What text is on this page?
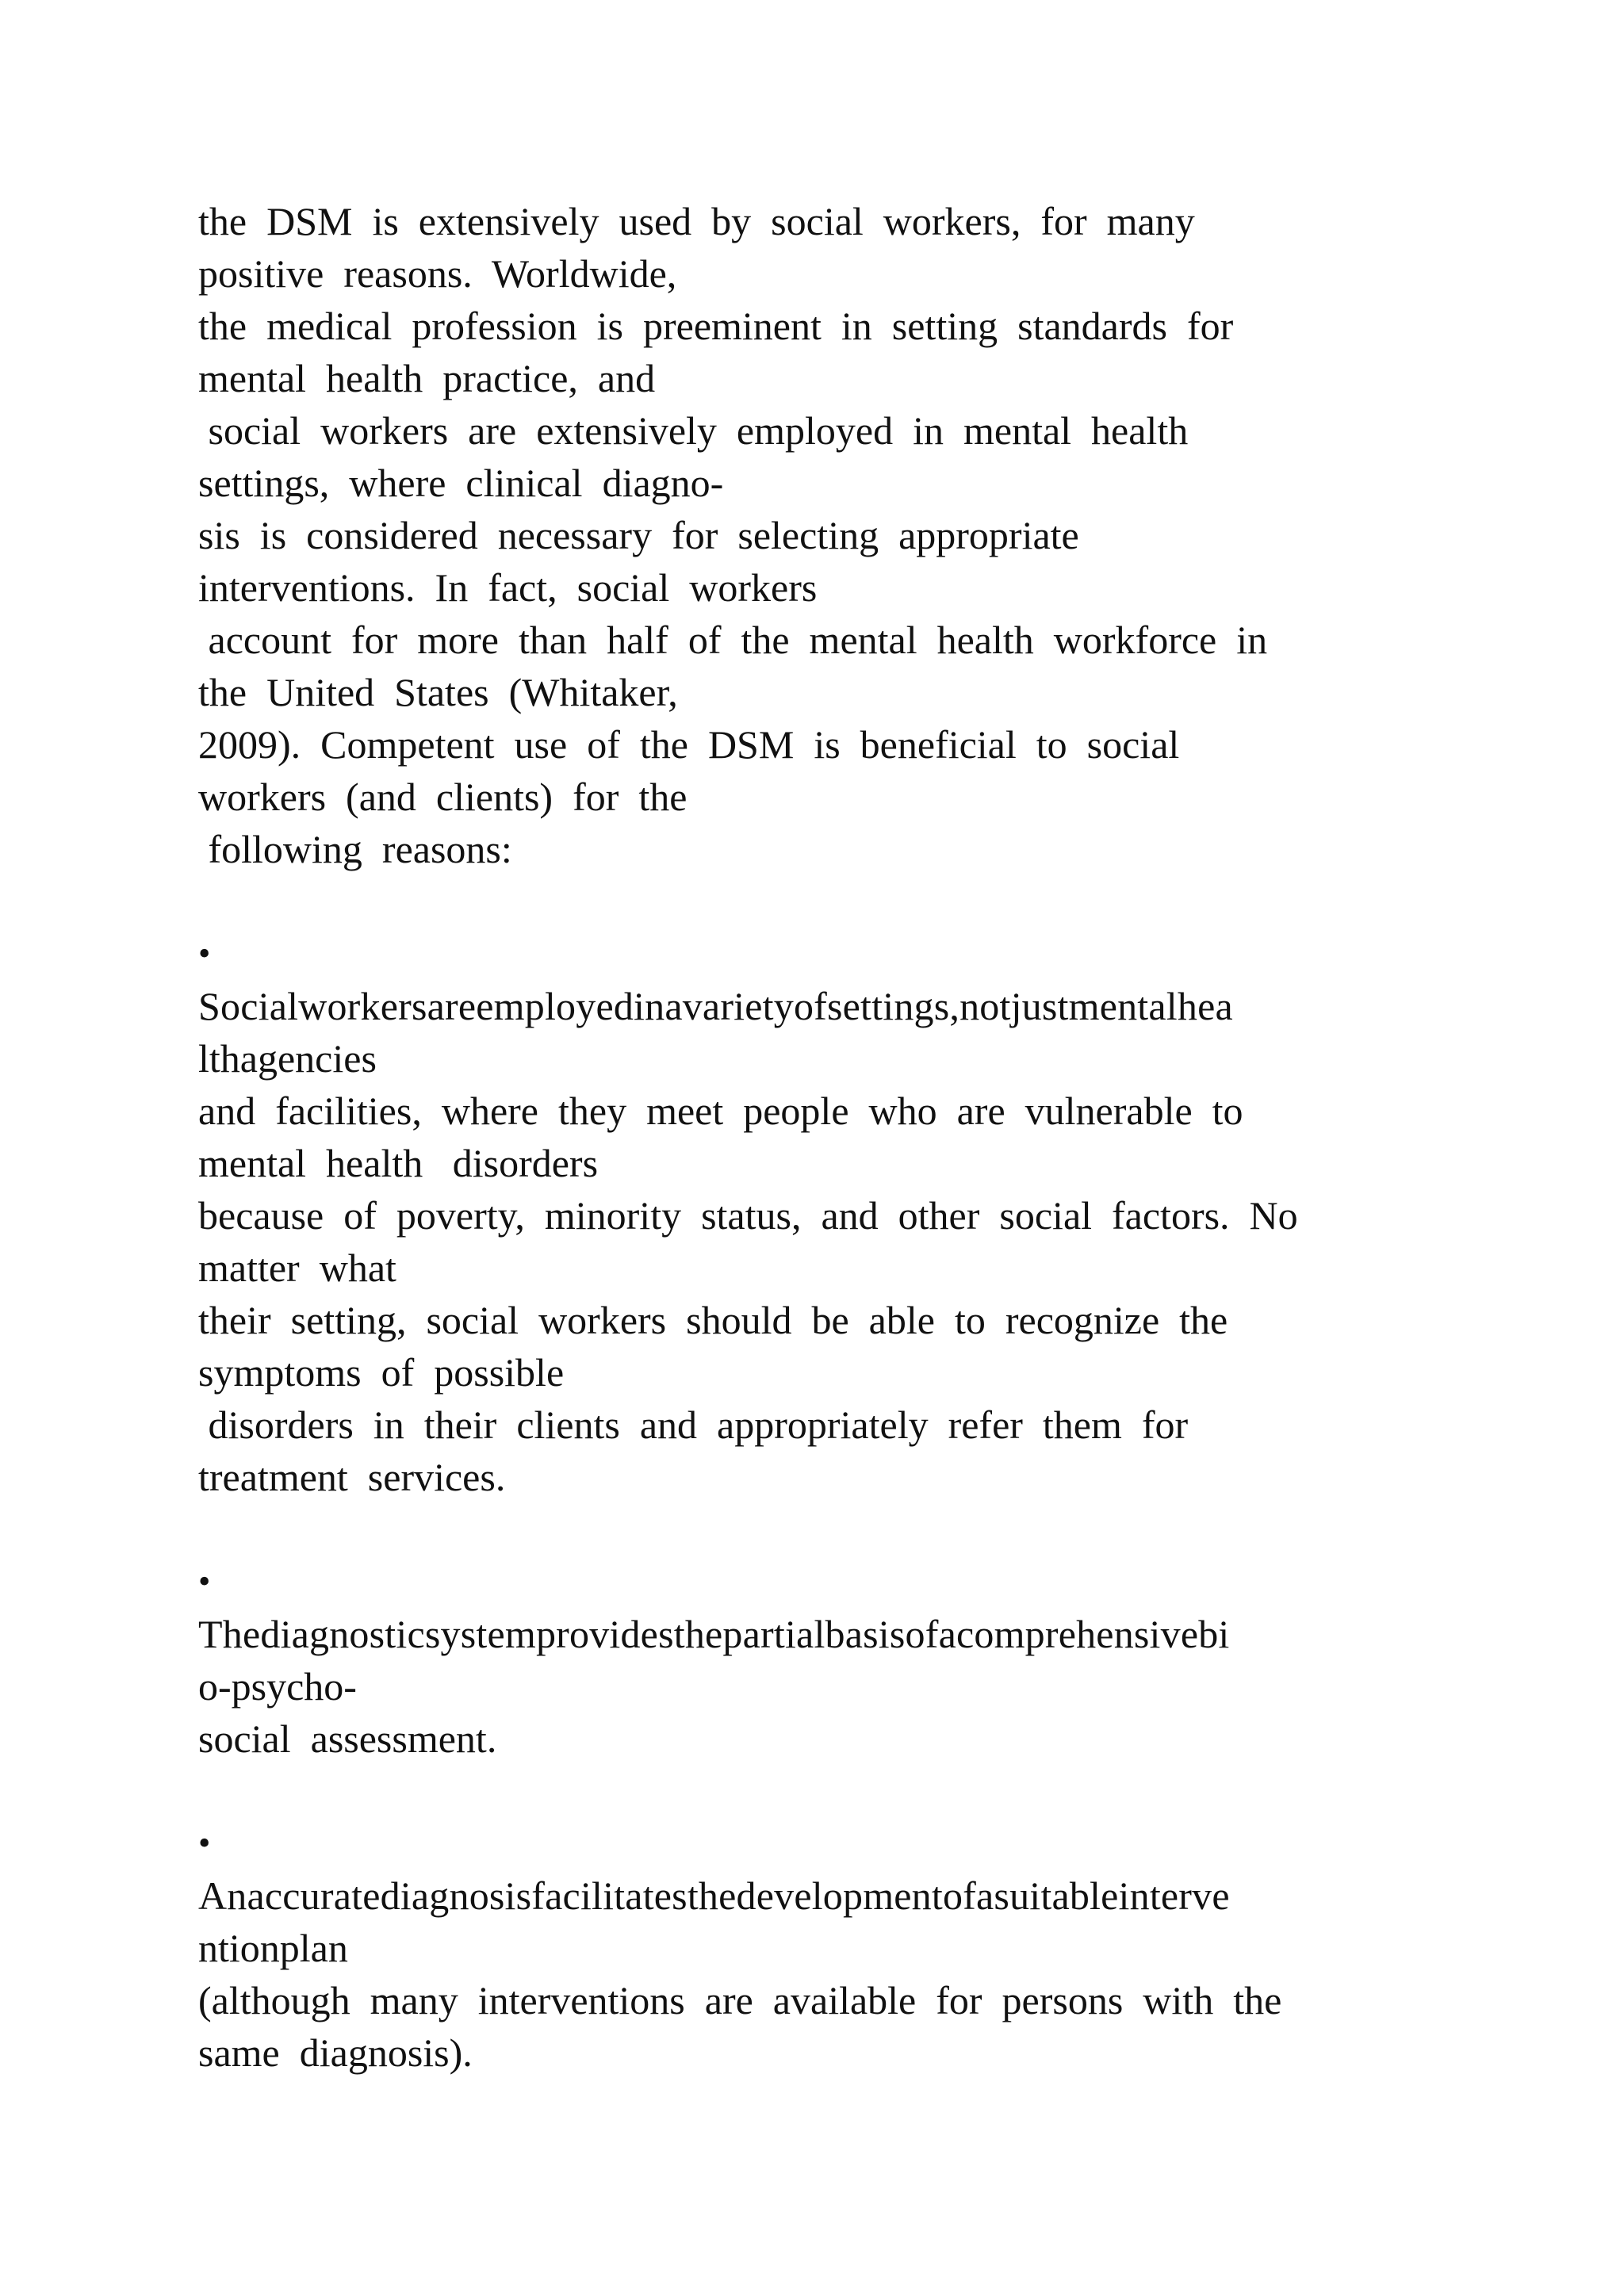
the  DSM  is  extensively  used  by  social  workers,  for  many
positive  reasons.  Worldwide,
the  medical  profession  is  preeminent  in  setting  standards  for
mental  health  practice,  and
social  workers  are  extensively  employed  in  mental  health
settings,  where  clinical  diagno-
sis  is  considered  necessary  for  selecting  appropriate
interventions.  In  fact,  social  workers
account  for  more  than  half  of  the  mental  health  workforce  in
the  United  States  (Whitaker,
2009).  Competent  use  of  the  DSM  is  beneficial  to  social
workers  (and  clients)  for  the
following  reasons:
•
Socialworkersareemployedinavarietyofsettings,notjustmentalhea
lthagencies
and  facilities,  where  they  meet  people  who  are  vulnerable  to
mental  health   disorders
because  of  poverty,  minority  status,  and  other  social  factors.  No
matter  what
their  setting,  social  workers  should  be  able  to  recognize  the
symptoms  of  possible
disorders  in  their  clients  and  appropriately  refer  them  for
treatment  services.
•
Thediagnosticsystemprovidesthepartialbasisofacomprehensivebi
o-psycho-
social  assessment.
•
Anaccuratediagnosisfacilitatesthedevelopmentofasuitableinterve
ntionplan
(although  many  interventions  are  available  for  persons  with  the
same  diagnosis).
